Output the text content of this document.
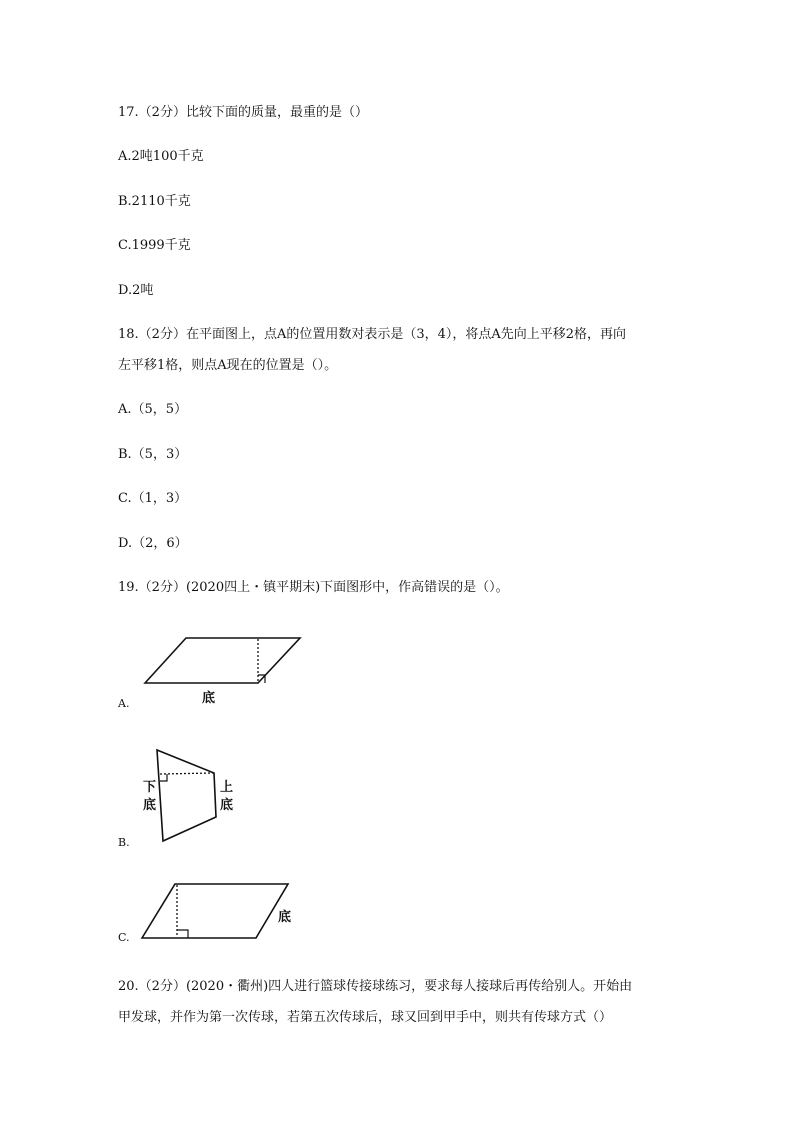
17.（2分）比较下面的质量，最重的是（）
A.2吨100千克
B.2110千克
C.1999千克
D.2吨
18.（2分）在平面图上，点A的位置用数对表示是（3，4），将点A先向上平移2格，再向
左平移1格，则点A现在的位置是（）。
A.（5，5）
B.（5，3）
C.（1，3）
D.（2，6）
19.（2分）(2020四上・镇平期末)下面图形中，作高错误的是（）。
底
A.
下
底
上
底
B.
底
C.
20.（2分）(2020・衢州)四人进行篮球传接球练习，要求每人接球后再传给别人。开始由
甲发球，并作为第一次传球，若第五次传球后，球又回到甲手中，则共有传球方式（）
